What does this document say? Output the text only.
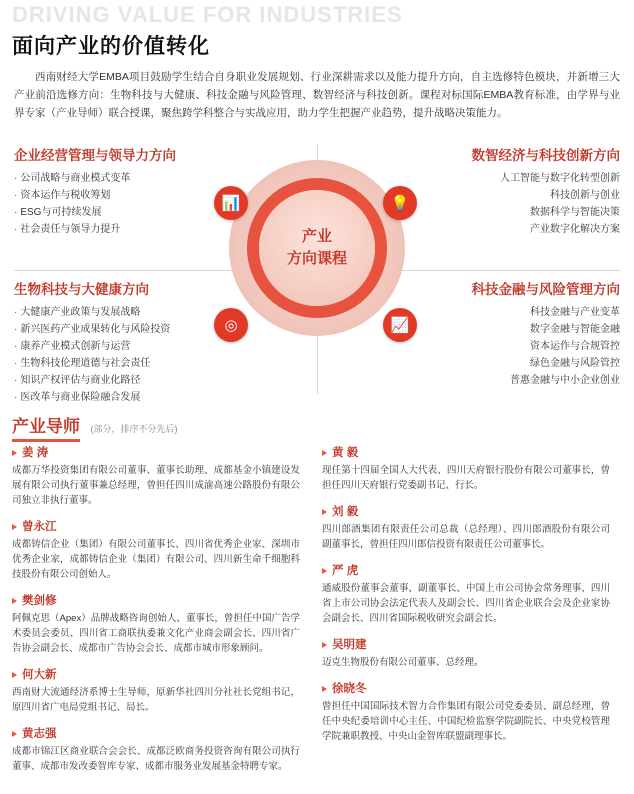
DRIVING VALUE FOR INDUSTRIES
面向产业的价值转化
西南财经大学EMBA项目鼓励学生结合自身职业发展规划、行业深耕需求以及能力提升方向，自主选修特色模块，并新增三大产业前沿选修方向：生物科技与大健康、科技金融与风险管理、数智经济与科技创新。课程对标国际EMBA教育标准，由学界与业界专家（产业导师）联合授课，聚焦跨学科整合与实战应用，助力学生把握产业趋势，提升战略决策能力。
企业经营管理与领导力方向
· 公司战略与商业模式变革
· 资本运作与税收筹划
· ESG与可持续发展
· 社会责任与领导力提升
数智经济与科技创新方向
人工智能与数字化转型创新
科技创新与创业
数据科学与智能决策
产业数字化解决方案
生物科技与大健康方向
· 大健康产业政策与发展战略
· 新兴医药产业成果转化与风险投资
· 康养产业模式创新与运营
· 生物科技伦理道德与社会责任
· 知识产权评估与商业化路径
· 医改革与商业保险融合发展
科技金融与风险管理方向
科技金融与产业变革
数字金融与智能金融
资本运作与合规管控
绿色金融与风险管控
普惠金融与中小企业创业
产业
方向课程
📊	💡
◎	📈
产业导师 (部分，排序不分先后)
姜 涛
成都万华投资集团有限公司董事、董事长助理、成都基金小镇建设发展有限公司执行董事兼总经理，曾担任四川成渝高速公路股份有限公司独立非执行董事。
曾永江
成都铸信企业（集团）有限公司董事长、四川省优秀企业家、深圳市优秀企业家，成都铸信企业（集团）有限公司、四川新生命千细胞科技股份有限公司创始人。
樊剑修
阿佩克思（Apex）品牌战略咨询创始人、董事长，曾担任中国广告学术委员会委员、四川省工商联执委兼文化产业商会副会长、四川省广告协会副会长、成都市广告协会会长、成都市城市形象顾问。
何大新
西南财大流通经济系博士生导师，原新华社四川分社社长党组书记，原四川省广电局党组书记、局长。
黄志强
成都市锦江区商业联合会会长、成都泛欧商务投资咨询有限公司执行董事、成都市发改委智库专家、成都市服务业发展基金特聘专家。
黄 毅
现任第十四届全国人大代表、四川天府银行股份有限公司董事长，曾担任四川天府银行党委副书记、行长。
刘 毅
四川郎酒集团有限责任公司总裁（总经理）、四川郎酒股份有限公司副董事长，曾担任四川郎信投资有限责任公司董事长。
严 虎
通威股份董事会董事、副董事长、中国上市公司协会常务理事、四川省上市公司协会法定代表人及副会长、四川省企业联合会及企业家协会副会长、四川省国际税收研究会副会长。
吴明建
迈克生物股份有限公司董事、总经理。
徐晓冬
曾担任中国国际技术智力合作集团有限公司党委委员、副总经理，曾任中央纪委培训中心主任、中国纪检监察学院副院长、中央党校管理学院兼职教授、中央山金智库联盟副理事长。
